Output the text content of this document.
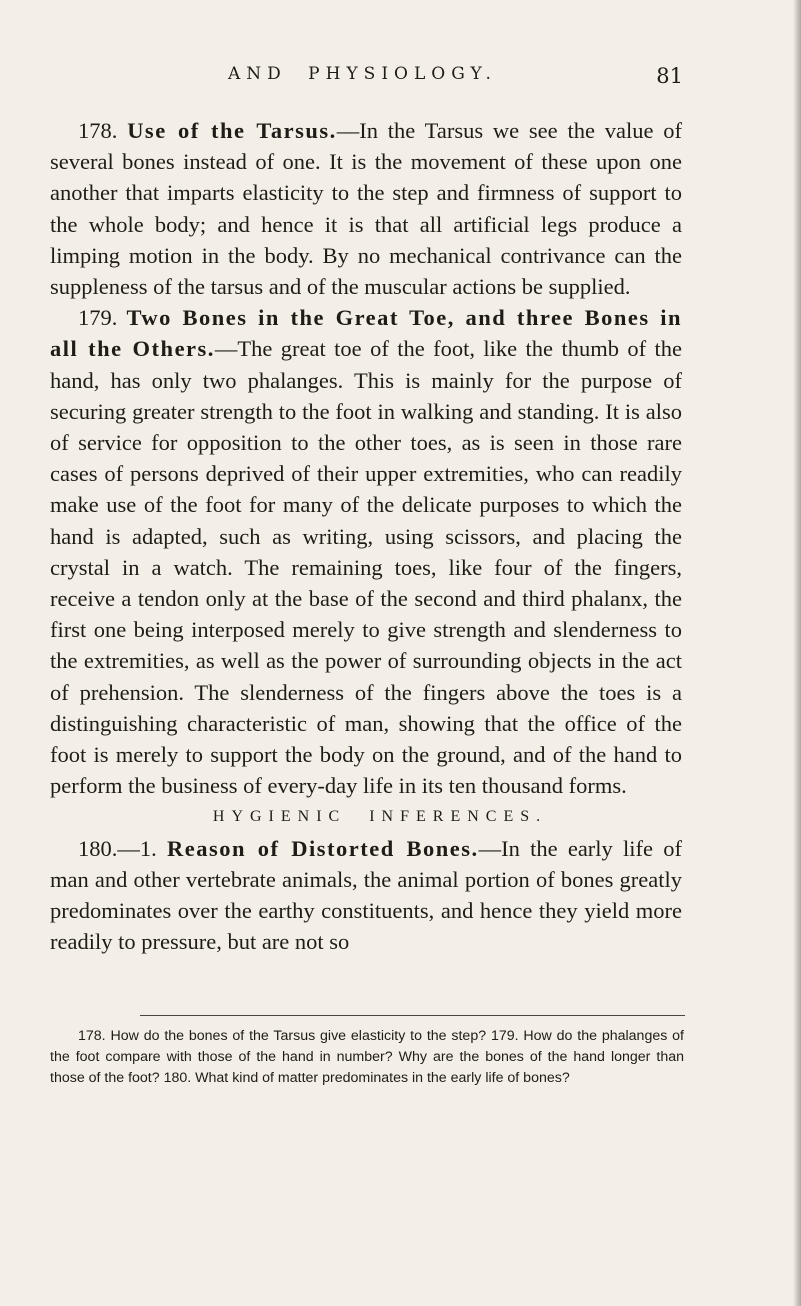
AND PHYSIOLOGY.	81

178. Use of the Tarsus.—In the Tarsus we see the value of several bones instead of one. It is the movement of these upon one another that imparts elasticity to the step and firmness of support to the whole body; and hence it is that all artificial legs produce a limping motion in the body. By no mechanical contrivance can the suppleness of the tarsus and of the muscular actions be supplied.

179. Two Bones in the Great Toe, and three Bones in all the Others.—The great toe of the foot, like the thumb of the hand, has only two phalanges. This is mainly for the purpose of securing greater strength to the foot in walking and standing. It is also of service for opposition to the other toes, as is seen in those rare cases of persons deprived of their upper extremities, who can readily make use of the foot for many of the delicate purposes to which the hand is adapted, such as writing, using scissors, and placing the crystal in a watch. The remaining toes, like four of the fingers, receive a tendon only at the base of the second and third phalanx, the first one being interposed merely to give strength and slenderness to the extremities, as well as the power of surrounding objects in the act of prehension. The slenderness of the fingers above the toes is a distinguishing characteristic of man, showing that the office of the foot is merely to support the body on the ground, and of the hand to perform the business of every-day life in its ten thousand forms.

HYGIENIC INFERENCES.

180.—1. Reason of Distorted Bones.—In the early life of man and other vertebrate animals, the animal portion of bones greatly predominates over the earthy constituents, and hence they yield more readily to pressure, but are not so

178. How do the bones of the Tarsus give elasticity to the step? 179. How do the phalanges of the foot compare with those of the hand in number? Why are the bones of the hand longer than those of the foot? 180. What kind of matter predominates in the early life of bones?
